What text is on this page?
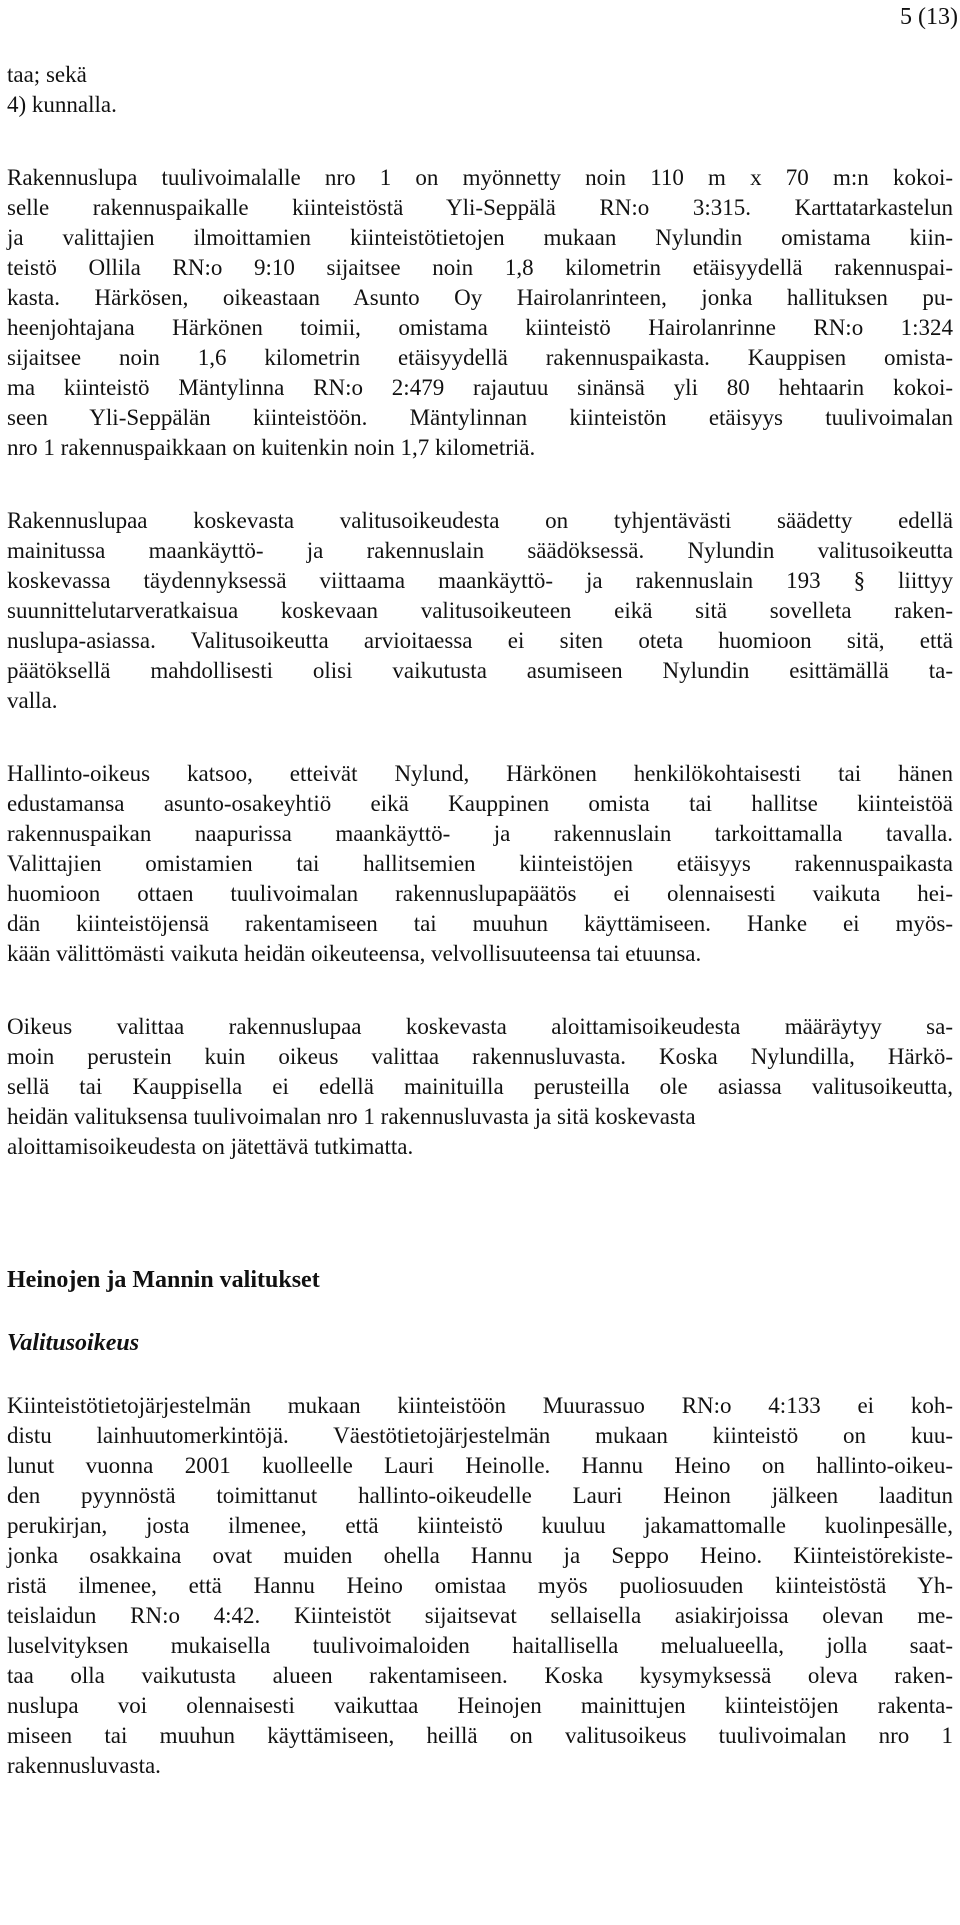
5 (13)

taa; sekä
4) kunnalla.

Rakennuslupa tuulivoimalalle nro 1 on myönnetty noin 110 m x 70 m:n kokoi-
selle rakennuspaikalle kiinteistöstä Yli-Seppälä RN:o 3:315. Karttatarkastelun
ja valittajien ilmoittamien kiinteistötietojen mukaan Nylundin omistama kiin-
teistö Ollila RN:o 9:10 sijaitsee noin 1,8 kilometrin etäisyydellä rakennuspai-
kasta. Härkösen, oikeastaan Asunto Oy Hairolanrinteen, jonka hallituksen pu-
heenjohtajana Härkönen toimii, omistama kiinteistö Hairolanrinne RN:o 1:324
sijaitsee noin 1,6 kilometrin etäisyydellä rakennuspaikasta. Kauppisen omista-
ma kiinteistö Mäntylinna RN:o 2:479 rajautuu sinänsä yli 80 hehtaarin kokoi-
seen Yli-Seppälän kiinteistöön. Mäntylinnan kiinteistön etäisyys tuulivoimalan
nro 1 rakennuspaikkaan on kuitenkin noin 1,7 kilometriä.

Rakennuslupaa koskevasta valitusoikeudesta on tyhjentävästi säädetty edellä
mainitussa maankäyttö- ja rakennuslain säädöksessä. Nylundin valitusoikeutta
koskevassa täydennyksessä viittaama maankäyttö- ja rakennuslain 193 § liittyy
suunnittelutarveratkaisua koskevaan valitusoikeuteen eikä sitä sovelleta raken-
nuslupa-asiassa. Valitusoikeutta arvioitaessa ei siten oteta huomioon sitä, että
päätöksellä mahdollisesti olisi vaikutusta asumiseen Nylundin esittämällä ta-
valla.

Hallinto-oikeus katsoo, etteivät Nylund, Härkönen henkilökohtaisesti tai hänen
edustamansa asunto-osakeyhtiö eikä Kauppinen omista tai hallitse kiinteistöä
rakennuspaikan naapurissa maankäyttö- ja rakennuslain tarkoittamalla tavalla.
Valittajien omistamien tai hallitsemien kiinteistöjen etäisyys rakennuspaikasta
huomioon ottaen tuulivoimalan rakennuslupapäätös ei olennaisesti vaikuta hei-
dän kiinteistöjensä rakentamiseen tai muuhun käyttämiseen. Hanke ei myös-
kään välittömästi vaikuta heidän oikeuteensa, velvollisuuteensa tai etuunsa.

Oikeus valittaa rakennuslupaa koskevasta aloittamisoikeudesta määräytyy sa-
moin perustein kuin oikeus valittaa rakennusluvasta. Koska Nylundilla, Härkö-
sellä tai Kauppisella ei edellä mainituilla perusteilla ole asiassa valitusoikeutta,
heidän valituksensa tuulivoimalan nro 1 rakennusluvasta ja sitä koskevasta
aloittamisoikeudesta on jätettävä tutkimatta.

Heinojen ja Mannin valitukset
Valitusoikeus

Kiinteistötietojärjestelmän mukaan kiinteistöön Muurassuo RN:o 4:133 ei koh-
distu lainhuutomerkintöjä. Väestötietojärjestelmän mukaan kiinteistö on kuu-
lunut vuonna 2001 kuolleelle Lauri Heinolle. Hannu Heino on hallinto-oikeu-
den pyynnöstä toimittanut hallinto-oikeudelle Lauri Heinon jälkeen laaditun
perukirjan, josta ilmenee, että kiinteistö kuuluu jakamattomalle kuolinpesälle,
jonka osakkaina ovat muiden ohella Hannu ja Seppo Heino. Kiinteistörekiste-
ristä ilmenee, että Hannu Heino omistaa myös puoliosuuden kiinteistöstä Yh-
teislaidun RN:o 4:42. Kiinteistöt sijaitsevat sellaisella asiakirjoissa olevan me-
luselvityksen mukaisella tuulivoimaloiden haitallisella melualueella, jolla saat-
taa olla vaikutusta alueen rakentamiseen. Koska kysymyksessä oleva raken-
nuslupa voi olennaisesti vaikuttaa Heinojen mainittujen kiinteistöjen rakenta-
miseen tai muuhun käyttämiseen, heillä on valitusoikeus tuulivoimalan nro 1
rakennusluvasta.
